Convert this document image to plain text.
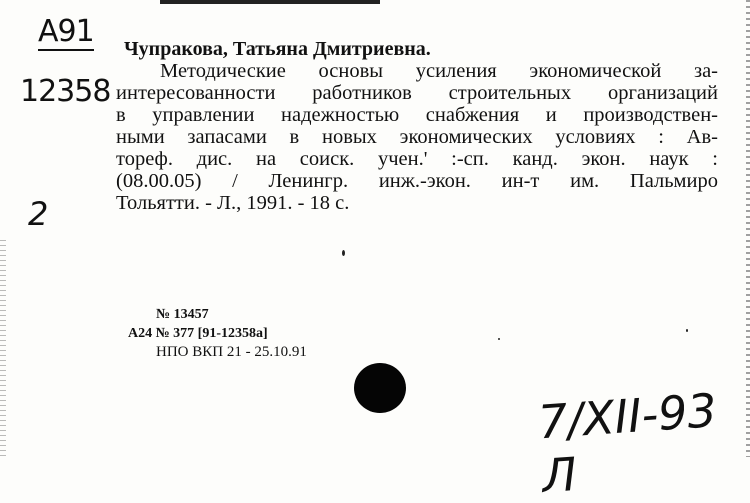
А91
12358
2
Чупракова, Татьяна Дмитриевна.
Методические основы усиления экономической за-
интересованности работников строительных организаций
в управлении надежностью снабжения и производствен-
ными запасами в новых экономических условиях : Ав-
тореф. дис. на соиск. учен.' :-сп. канд. экон. наук :
(08.00.05) / Ленингр. инж.-экон. ин-т им. Пальмиро
Тольятти. - Л., 1991. - 18 с.
№ 13457
А24 № 377 [91-12358а]
НПО ВКП 21 - 25.10.91
7/XII-93 Л
